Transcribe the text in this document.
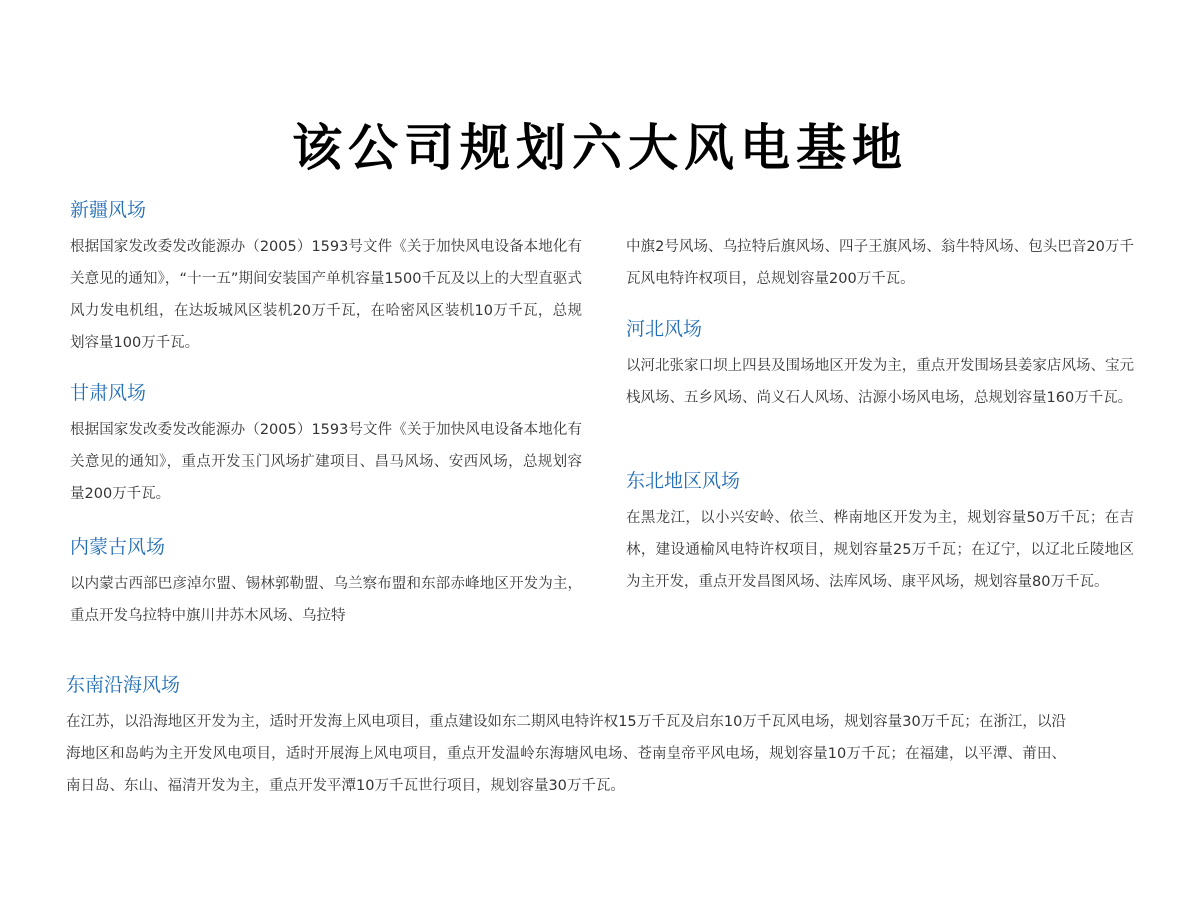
该公司规划六大风电基地
新疆风场
根据国家发改委发改能源办（2005）1593号文件《关于加快风电设备本地化有关意见的通知》，“十一五”期间安装国产单机容量1500千瓦及以上的大型直驱式风力发电机组，在达坂城风区装机20万千瓦，在哈密风区装机10万千瓦，总规划容量100万千瓦。
甘肃风场
根据国家发改委发改能源办（2005）1593号文件《关于加快风电设备本地化有关意见的通知》，重点开发玉门风场扩建项目、昌马风场、安西风场，总规划容量200万千瓦。
内蒙古风场
以内蒙古西部巴彦淖尔盟、锡林郭勒盟、乌兰察布盟和东部赤峰地区开发为主，重点开发乌拉特中旗川井苏木风场、乌拉特
中旗2号风场、乌拉特后旗风场、四子王旗风场、翁牛特风场、包头巴音20万千瓦风电特许权项目，总规划容量200万千瓦。
河北风场
以河北张家口坝上四县及围场地区开发为主，重点开发围场县姜家店风场、宝元栈风场、五乡风场、尚义石人风场、沽源小场风电场，总规划容量160万千瓦。
东北地区风场
在黑龙江，以小兴安岭、依兰、桦南地区开发为主，规划容量50万千瓦；在吉林，建设通榆风电特许权项目，规划容量25万千瓦；在辽宁，以辽北丘陵地区为主开发，重点开发昌图风场、法库风场、康平风场，规划容量80万千瓦。
东南沿海风场
在江苏，以沿海地区开发为主，适时开发海上风电项目，重点建设如东二期风电特许权15万千瓦及启东10万千瓦风电场，规划容量30万千瓦；在浙江，以沿海地区和岛屿为主开发风电项目，适时开展海上风电项目，重点开发温岭东海塘风电场、苍南皇帝平风电场，规划容量10万千瓦；在福建，以平潭、莆田、南日岛、东山、福清开发为主，重点开发平潭10万千瓦世行项目，规划容量30万千瓦。
